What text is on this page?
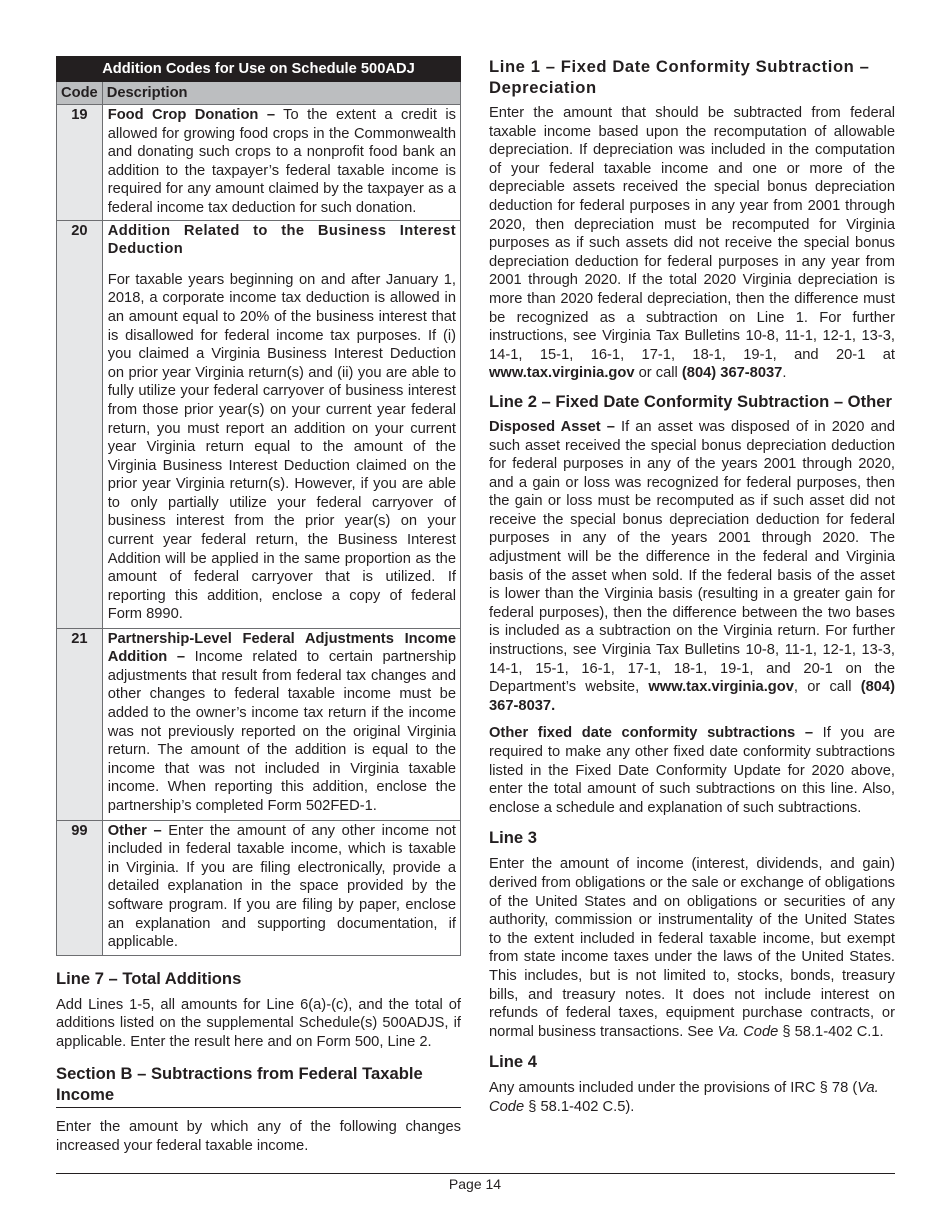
Addition Codes for Use on Schedule 500ADJ	
Code	Description
19	Food Crop Donation – To the extent a credit is allowed for growing food crops in the Commonwealth and donating such crops to a nonprofit food bank an addition to the taxpayer’s federal taxable income is required for any amount claimed by the taxpayer as a federal income tax deduction for such donation.

20	Addition Related to the Business Interest Deduction

For taxable years beginning on and after January 1, 2018, a corporate income tax deduction is allowed in an amount equal to 20% of the business interest that is disallowed for federal income tax purposes. If (i) you claimed a Virginia Business Interest Deduction on prior year Virginia return(s) and (ii) you are able to fully utilize your federal carryover of business interest from those prior year(s) on your current year federal return, you must report an addition on your current year Virginia return equal to the amount of the Virginia Business Interest Deduction claimed on the prior year Virginia return(s). However, if you are able to only partially utilize your federal carryover of business interest from the prior year(s) on your current year federal return, the Business Interest Addition will be applied in the same proportion as the amount of federal carryover that is utilized. If reporting this addition, enclose a copy of federal Form 8990.

21	Partnership-Level Federal Adjustments Income Addition – Income related to certain partnership adjustments that result from federal tax changes and other changes to federal taxable income must be added to the owner’s income tax return if the income was not previously reported on the original Virginia return. The amount of the addition is equal to the income that was not included in Virginia taxable income. When reporting this addition, enclose the partnership’s completed Form 502FED-1.

99	Other – Enter the amount of any other income not included in federal taxable income, which is taxable in Virginia. If you are filing electronically, provide a detailed explanation in the space provided by the software program. If you are filing by paper, enclose an explanation and supporting documentation, if applicable.

Line 7 – Total Additions

Add Lines 1-5, all amounts for Line 6(a)-(c), and the total of additions listed on the supplemental Schedule(s) 500ADJS, if applicable. Enter the result here and on Form 500, Line 2.

Section B – Subtractions from Federal Taxable Income

Enter the amount by which any of the following changes increased your federal taxable income.

Line 1 – Fixed Date Conformity Subtraction – Depreciation

Enter the amount that should be subtracted from federal taxable income based upon the recomputation of allowable depreciation. If depreciation was included in the computation of your federal taxable income and one or more of the depreciable assets received the special bonus depreciation deduction for federal purposes in any year from 2001 through 2020, then depreciation must be recomputed for Virginia purposes as if such assets did not receive the special bonus depreciation deduction for federal purposes in any year from 2001 through 2020. If the total 2020 Virginia depreciation is more than 2020 federal depreciation, then the difference must be recognized as a subtraction on Line 1. For further instructions, see Virginia Tax Bulletins 10-8, 11-1, 12-1, 13-3, 14-1, 15-1, 16-1, 17-1, 18-1, 19-1, and 20-1 at www.tax.virginia.gov or call (804) 367-8037.

Line 2 – Fixed Date Conformity Subtraction – Other

Disposed Asset – If an asset was disposed of in 2020 and such asset received the special bonus depreciation deduction for federal purposes in any of the years 2001 through 2020, and a gain or loss was recognized for federal purposes, then the gain or loss must be recomputed as if such asset did not receive the special bonus depreciation deduction for federal purposes in any of the years 2001 through 2020. The adjustment will be the difference in the federal and Virginia basis of the asset when sold. If the federal basis of the asset is lower than the Virginia basis (resulting in a greater gain for federal purposes), then the difference between the two bases is included as a subtraction on the Virginia return. For further instructions, see Virginia Tax Bulletins 10-8, 11-1, 12-1, 13-3, 14-1, 15-1, 16-1, 17-1, 18-1, 19-1, and 20-1 on the Department’s website, www.tax.virginia.gov, or call (804) 367-8037.

Other fixed date conformity subtractions – If you are required to make any other fixed date conformity subtractions listed in the Fixed Date Conformity Update for 2020 above, enter the total amount of such subtractions on this line. Also, enclose a schedule and explanation of such subtractions.

Line 3

Enter the amount of income (interest, dividends, and gain) derived from obligations or the sale or exchange of obligations of the United States and on obligations or securities of any authority, commission or instrumentality of the United States to the extent included in federal taxable income, but exempt from state income taxes under the laws of the United States. This includes, but is not limited to, stocks, bonds, treasury bills, and treasury notes. It does not include interest on refunds of federal taxes, equipment purchase contracts, or normal business transactions. See Va. Code § 58.1-402 C.1.

Line 4

Any amounts included under the provisions of IRC § 78 (Va. Code § 58.1-402 C.5).

Page 14
